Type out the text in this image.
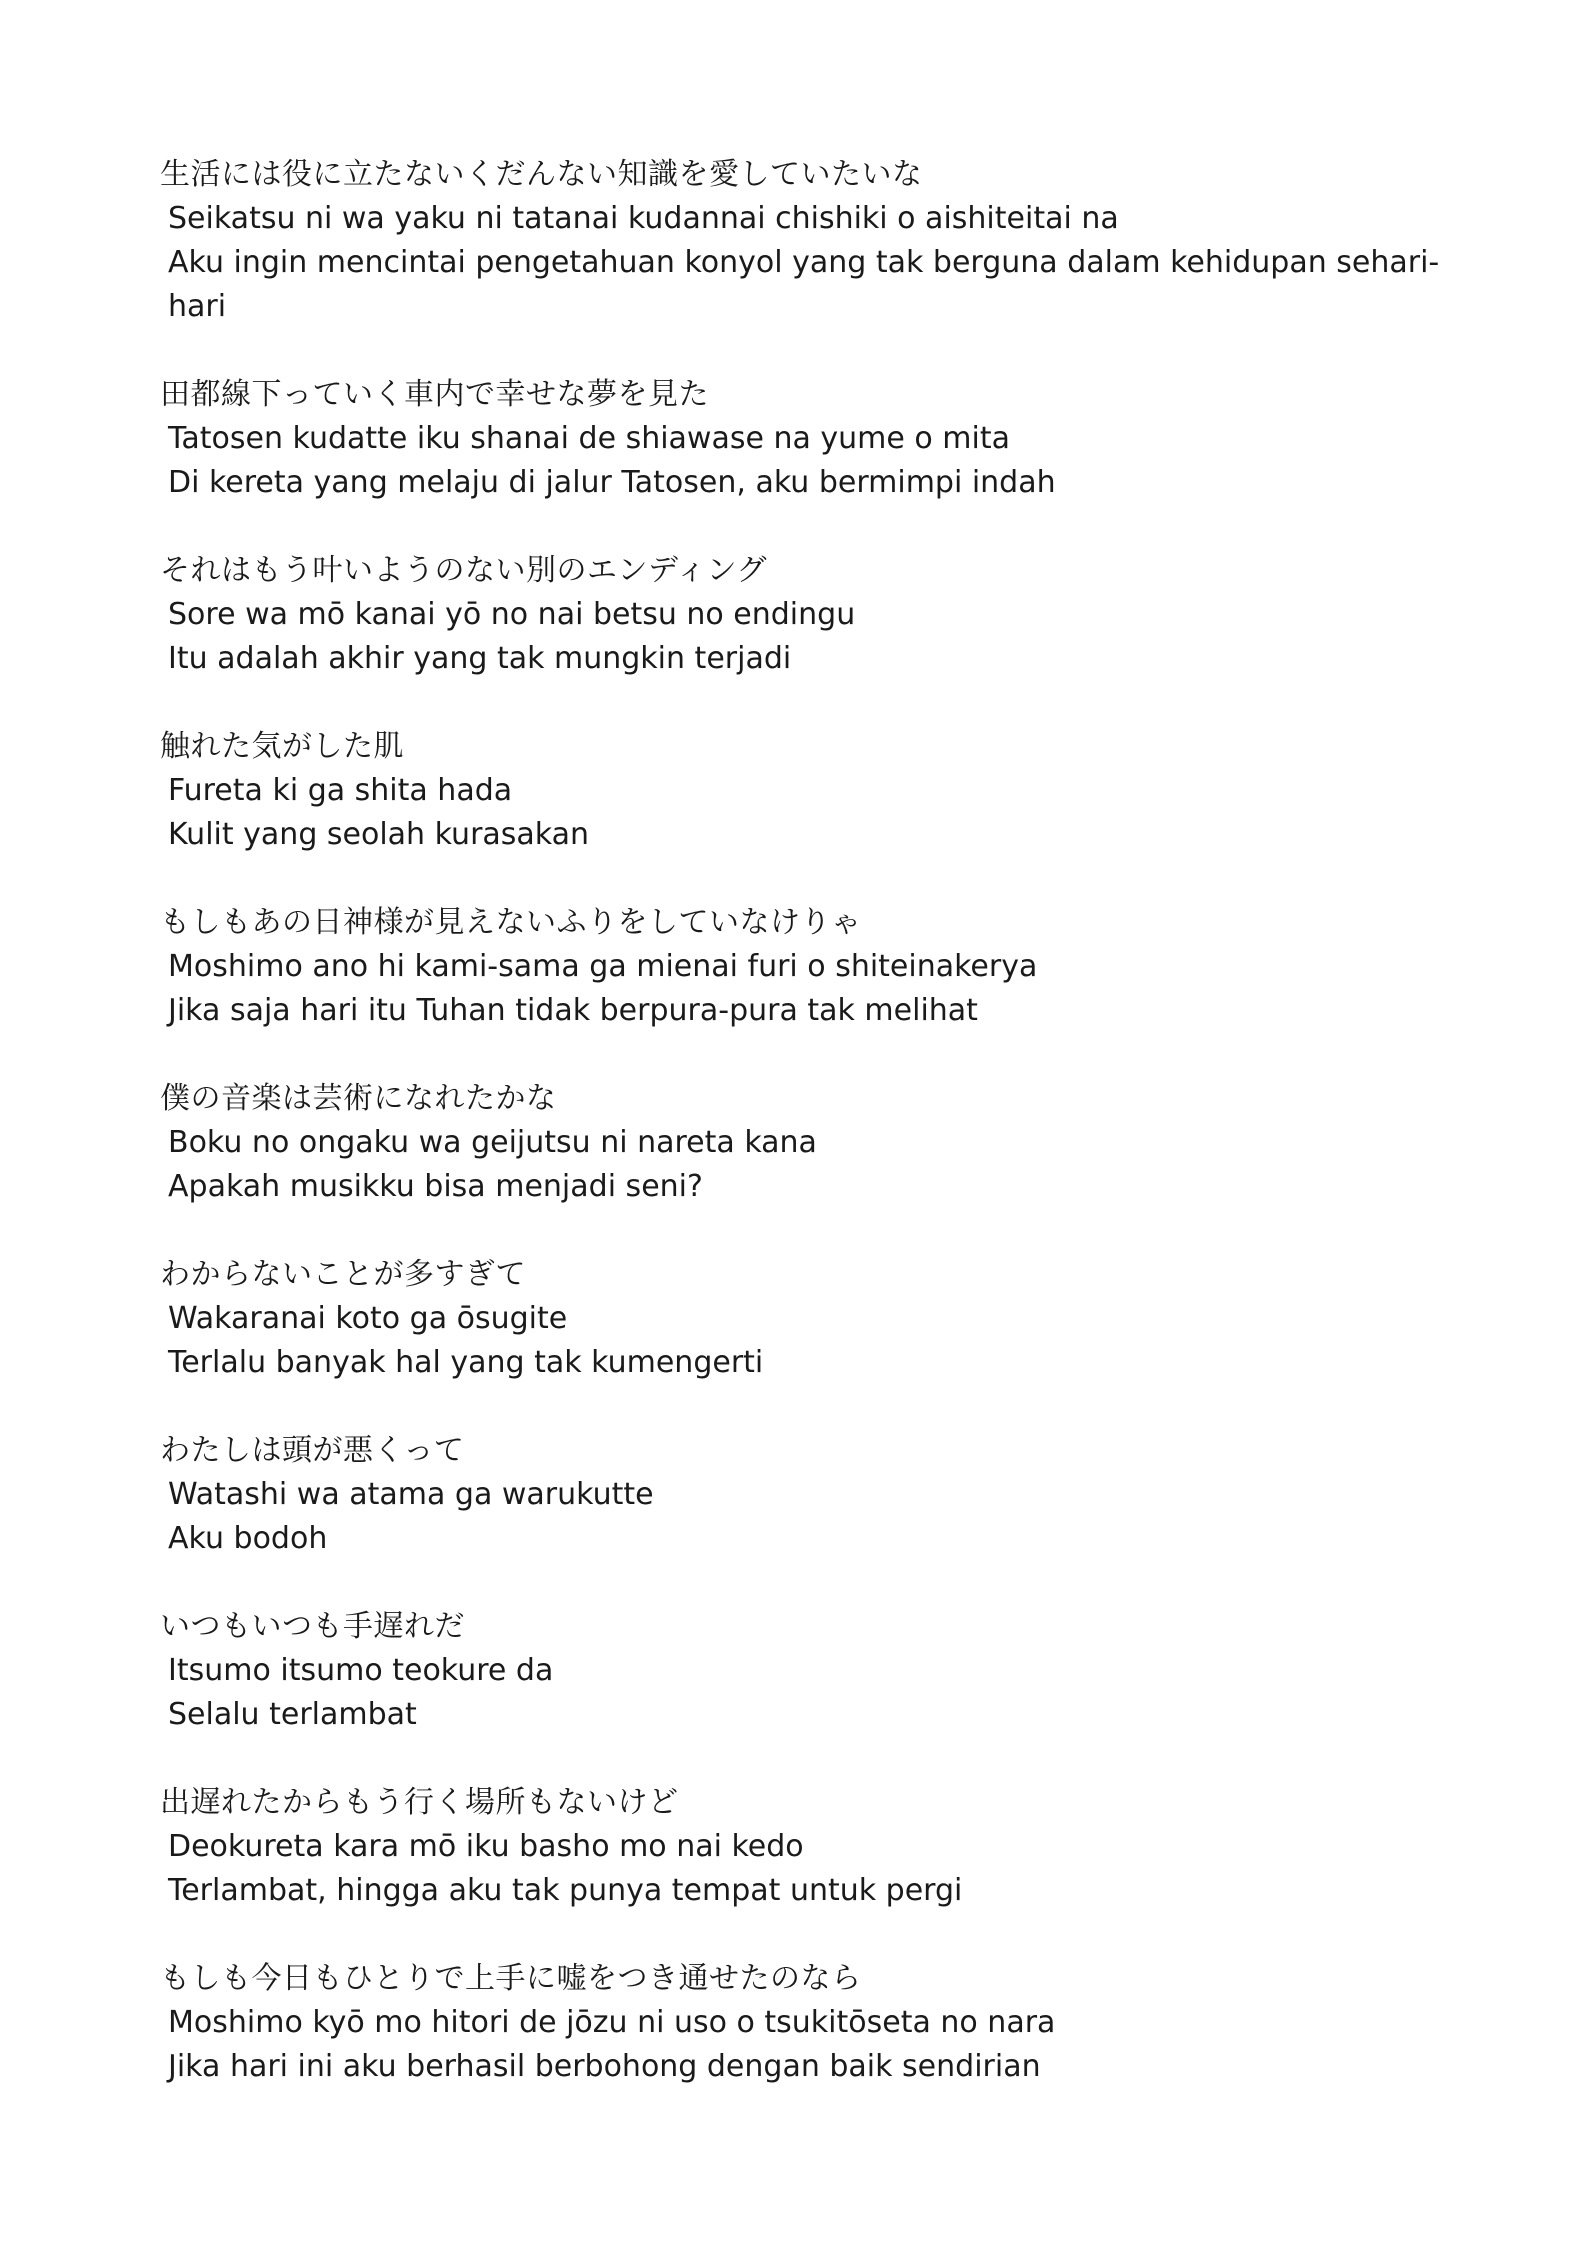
生活には役に立たないくだんない知識を愛していたいな

Seikatsu ni wa yaku ni tatanai kudannai chishiki o aishiteitai na

Aku ingin mencintai pengetahuan konyol yang tak berguna dalam kehidupan sehari-hari

田都線下っていく車内で幸せな夢を見た

Tatosen kudatte iku shanai de shiawase na yume o mita

Di kereta yang melaju di jalur Tatosen, aku bermimpi indah

それはもう叶いようのない別のエンディング

Sore wa mō kanai yō no nai betsu no endingu

Itu adalah akhir yang tak mungkin terjadi

触れた気がした肌

Fureta ki ga shita hada

Kulit yang seolah kurasakan

もしもあの日神様が見えないふりをしていなけりゃ

Moshimo ano hi kami-sama ga mienai furi o shiteinakerya

Jika saja hari itu Tuhan tidak berpura-pura tak melihat

僕の音楽は芸術になれたかな

Boku no ongaku wa geijutsu ni nareta kana

Apakah musikku bisa menjadi seni?

わからないことが多すぎて

Wakaranai koto ga ōsugite

Terlalu banyak hal yang tak kumengerti

わたしは頭が悪くって

Watashi wa atama ga warukutte

Aku bodoh

いつもいつも手遅れだ

Itsumo itsumo teokure da

Selalu terlambat

出遅れたからもう行く場所もないけど

Deokureta kara mō iku basho mo nai kedo

Terlambat, hingga aku tak punya tempat untuk pergi

もしも今日もひとりで上手に嘘をつき通せたのなら

Moshimo kyō mo hitori de jōzu ni uso o tsukitōseta no nara

Jika hari ini aku berhasil berbohong dengan baik sendirian
